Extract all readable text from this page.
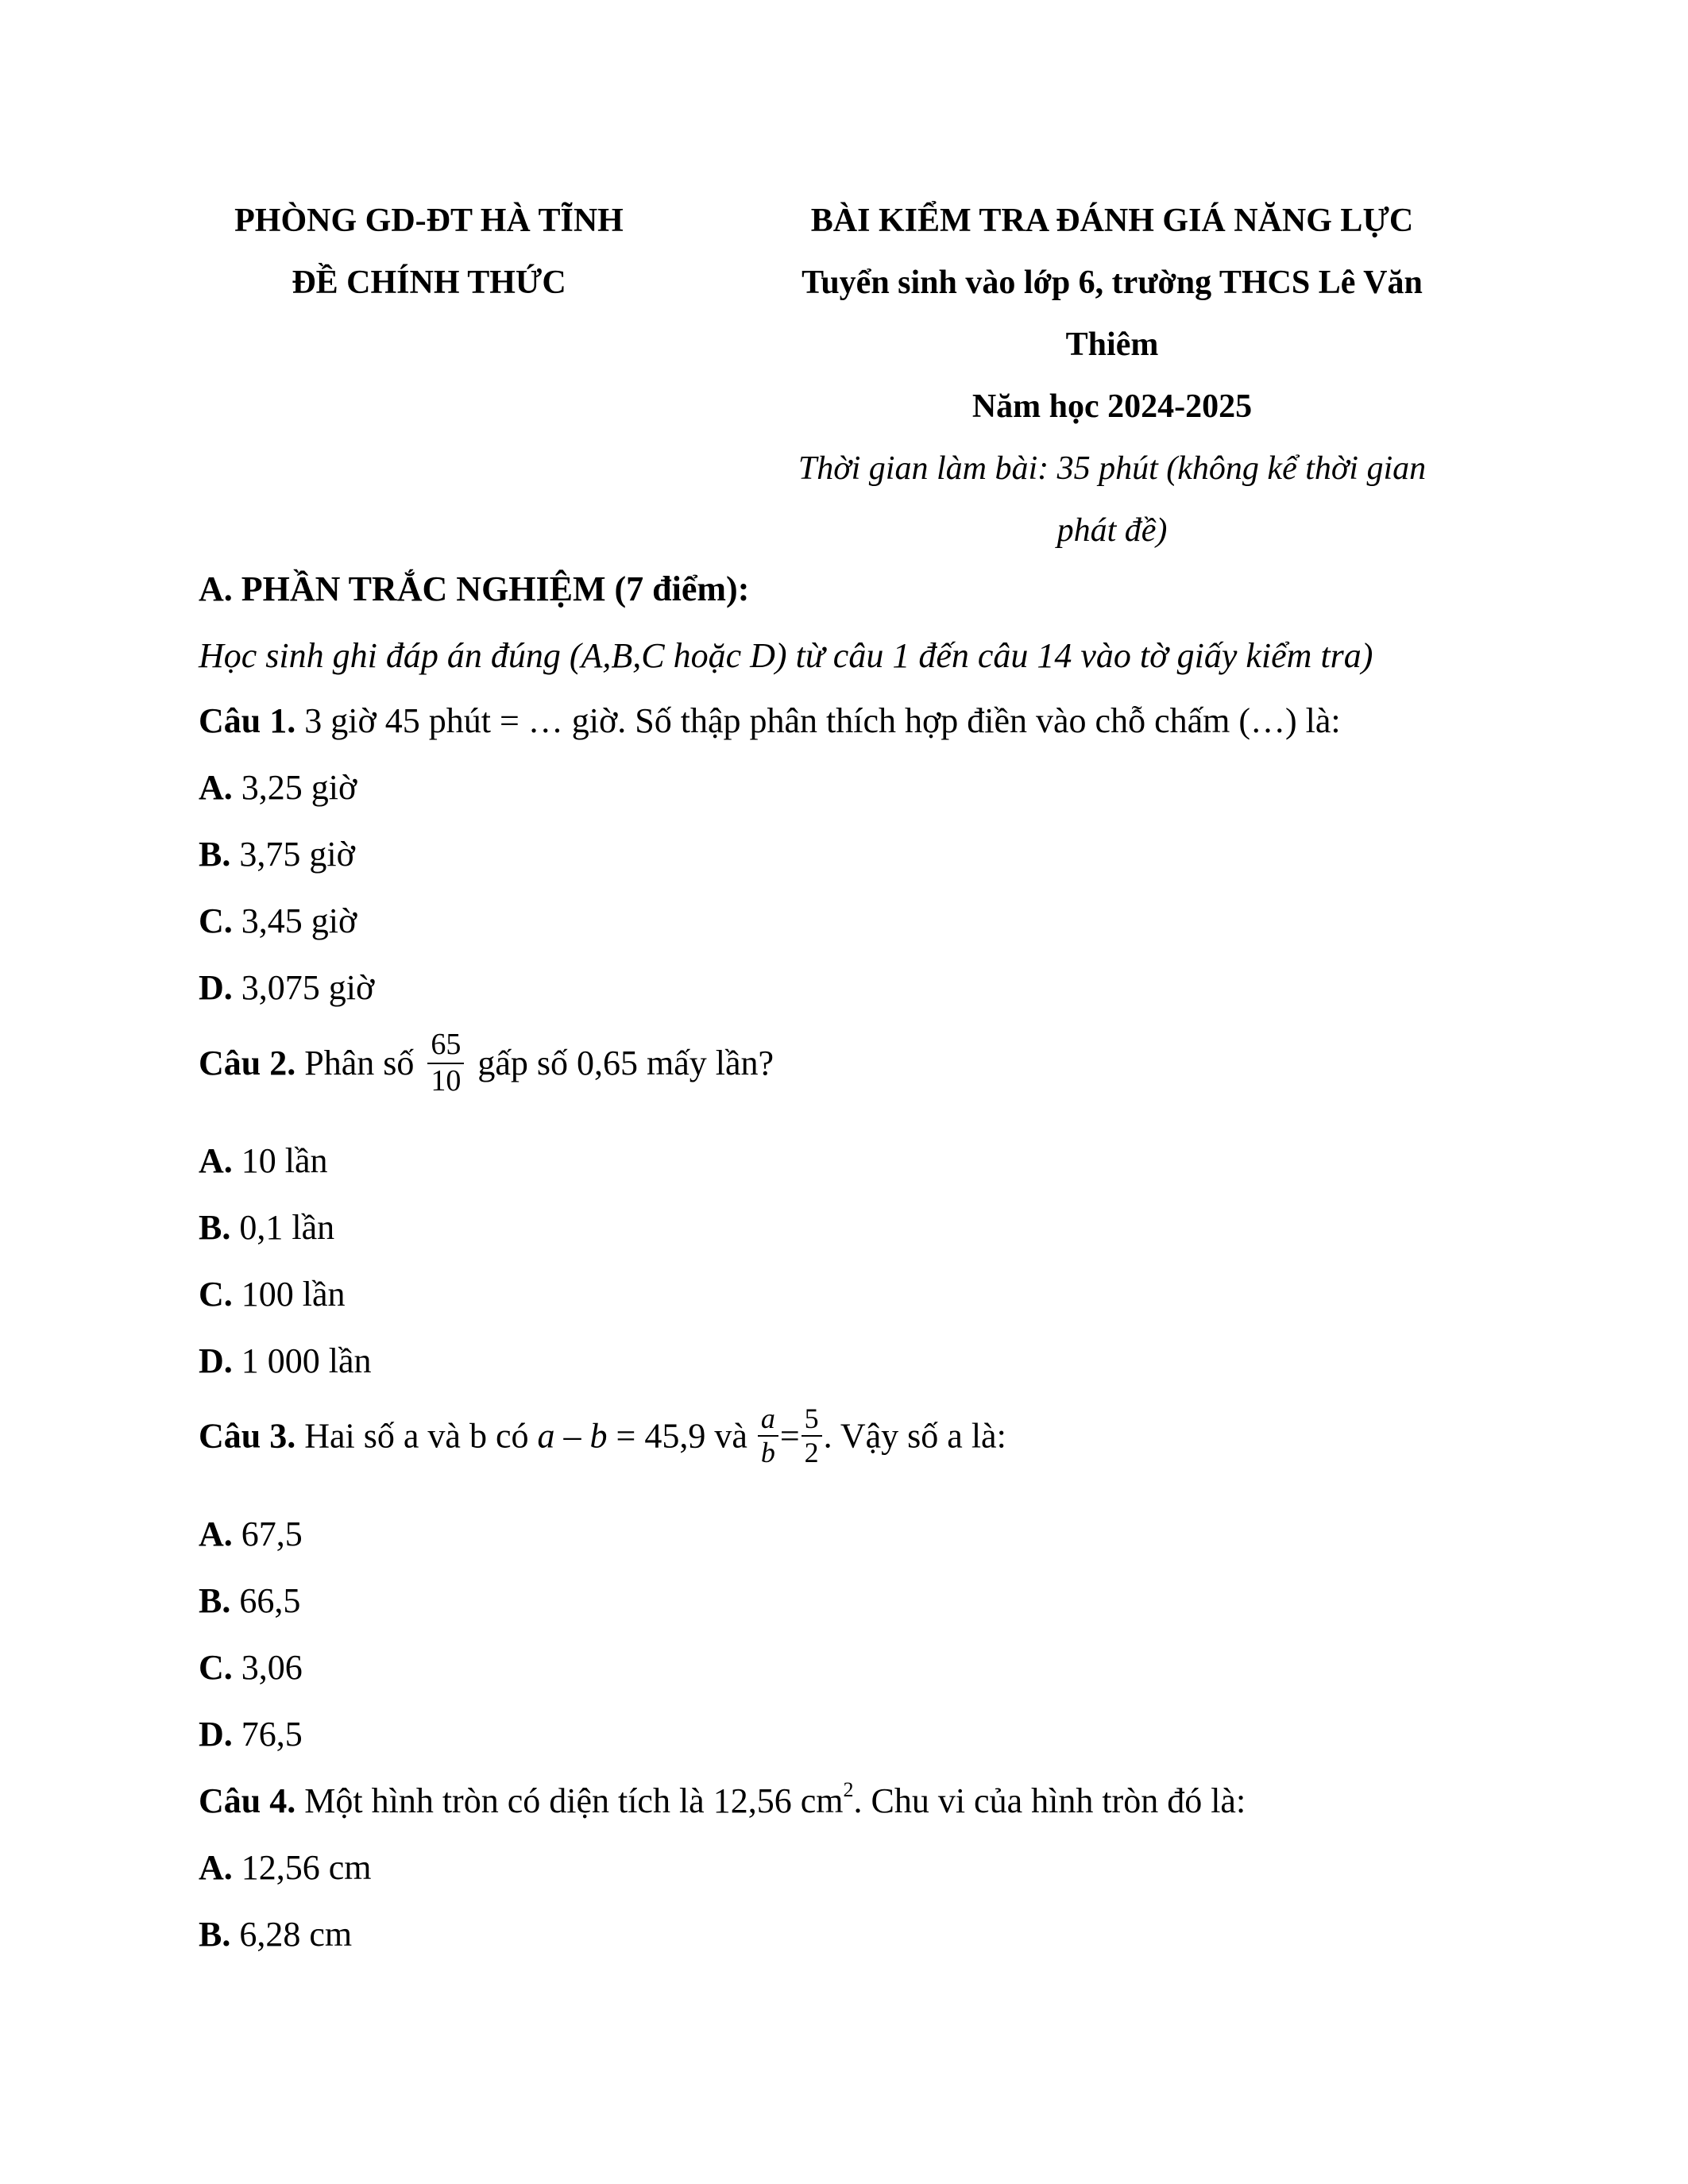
PHÒNG GD-ĐT HÀ TĨNH
ĐỀ CHÍNH THỨC
BÀI KIỂM TRA ĐÁNH GIÁ NĂNG LỰC
Tuyển sinh vào lớp 6, trường THCS Lê Văn
Thiêm
Năm học 2024-2025
Thời gian làm bài: 35 phút (không kể thời gian
phát đề)
A. PHẦN TRẮC NGHIỆM (7 điểm):
Học sinh ghi đáp án đúng (A,B,C hoặc D) từ câu 1 đến câu 14 vào tờ giấy kiểm tra)
Câu 1. 3 giờ 45 phút = … giờ. Số thập phân thích hợp điền vào chỗ chấm (…) là:
A. 3,25 giờ
B. 3,75 giờ
C. 3,45 giờ
D. 3,075 giờ
Câu 2. Phân số $\frac{65}{10}$ gấp số 0,65 mấy lần?
A. 10 lần
B. 0,1 lần
C. 100 lần
D. 1 000 lần
Câu 3. Hai số a và b có a – b = 45,9 và $\frac{a}{b} = \frac{5}{2}$ . Vậy số a là:
A. 67,5
B. 66,5
C. 3,06
D. 76,5
Câu 4. Một hình tròn có diện tích là 12,56 $cm^2$. Chu vi của hình tròn đó là:
A. 12,56 cm
B. 6,28 cm
